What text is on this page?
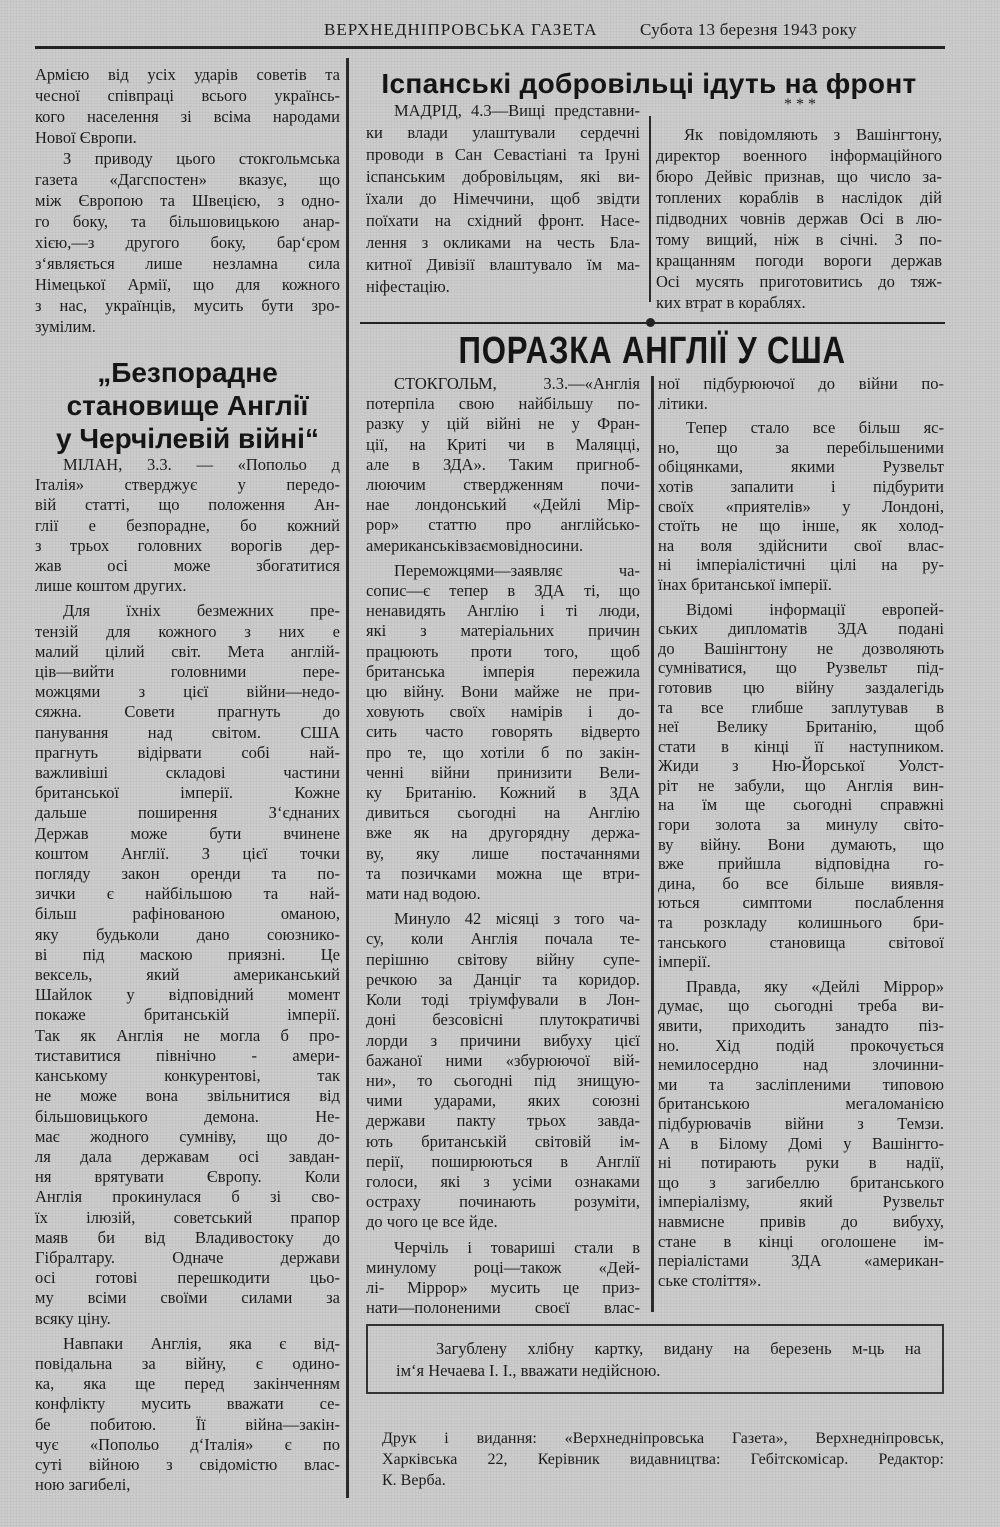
ВЕРХНЕДНІПРОВСЬКА ГАЗЕТА Субота 13 березня 1943 року
Армією від усіх ударів советів та
чесної співпраці всього українсь-
кого населення зі всіма народами
Нової Європи.
З приводу цього стокгольмська
газета «Дагспостен» вказує, що
між Європою та Швецією, з одно-
го боку, та більшовицькою анар-
хією,—з другого боку, бар‘єром
з‘являється лише незламна сила
Німецької Армії, що для кожного
з нас, українців, мусить бути зро-
зумілим.
„Безпорадне
становище Англії
у Черчілевій війні“
МІЛАН, 3.3. — «Попольо д
Італія» стверджує у передо-
вій статті, що положення Ан-
глії е безпорадне, бо кожний
з трьох головних ворогів дер-
жав осі може збогатитися
лише коштом других.
Для їхніх безмежних пре-
тензій для кожного з них е
малий цілий світ. Мета англій-
ців—вийти головними пере-
можцями з цієї війни—недо-
сяжна. Совети прагнуть до
панування над світом. США
прагнуть відірвати собі най-
важливіші складові частини
британської імперії. Кожне
дальше поширення З‘єднаних
Держав може бути вчинене
коштом Англії. З цієї точки
погляду закон оренди та по-
зички є найбільшою та най-
більш рафінованою оманою,
яку будьколи дано союзнико-
ві під маскою приязні. Це
вексель, який американський
Шайлок у відповідний момент
покаже британській імперії.
Так як Англія не могла б про-
тиставитися північно - амери-
канському конкурентові, так
не може вона звільнитися від
більшовицького демона. Не-
має жодного сумніву, що до-
ля дала державам осі завдан-
ня врятувати Європу. Коли
Англія прокинулася б зі сво-
їх ілюзій, советський прапор
маяв би від Владивостоку до
Гібралтару. Одначе держави
осі готові перешкодити цьо-
му всіми своїми силами за
всяку ціну.
Навпаки Англія, яка є від-
повідальна за війну, є одино-
ка, яка ще перед закінченням
конфлікту мусить вважати се-
бе побитою. Її війна—закін-
чує «Попольо д‘Італія» є по
суті війною з свідомістю влас-
ною загибелі,
Іспанські добровільці ідуть на фронт
МАДРІД, 4.3—Вищі представни-
ки влади улаштували сердечні
проводи в Сан Севастіані та Іруні
іспанським добровільцям, які ви-
їхали до Німеччини, щоб звідти
поїхати на східний фронт. Насе-
лення з окликами на честь Бла-
китної Дивізії влаштувало їм ма-
ніфестацію.
* * *
Як повідомляють з Вашінгтону,
директор военного інформаційного
бюро Дейвіс признав, що число за-
топлених кораблів в наслідок дій
підводних човнів держав Осі в лю-
тому вищий, ніж в січні. З по-
кращанням погоди вороги держав
Осі мусять приготовитись до тяж-
ких втрат в кораблях.
ПОРАЗКА АНГЛІЇ У США
СТОКГОЛЬМ, 3.3.—«Англія
потерпіла свою найбільшу по-
разку у цій війні не у Фран-
ції, на Криті чи в Маляцці,
але в ЗДА». Таким пригноб-
люючим ствердженням почи-
нае лондонський «Дейлі Мір-
рор» статтю про англійсько-
американськівзаємовідносини.
Переможцями—заявляє ча-
сопис—є тепер в ЗДА ті, що
ненавидять Англію і ті люди,
які з матеріальних причин
працюють проти того, щоб
британська імперія пережила
цю війну. Вони майже не при-
ховують своїх намірів і до-
сить часто говорять відверто
про те, що хотіли б по закін-
ченні війни принизити Вели-
ку Британію. Кожний в ЗДА
дивиться сьогодні на Англію
вже як на другорядну держа-
ву, яку лише постачаннями
та позичками можна ще втри-
мати над водою.
Минуло 42 місяці з того ча-
су, коли Англія почала те-
перішню світову війну супе-
речкою за Данціг та коридор.
Коли тоді тріумфували в Лон-
доні безсовісні плутократичві
лорди з причини вибуху цієї
бажаної ними «збурюючої вій-
ни», то сьогодні під знищую-
чими ударами, яких союзні
держави пакту трьох завда-
ють британській світовій ім-
перії, поширюються в Англії
голоси, які з усіми ознаками
остраху починають розуміти,
до чого це все йде.
Черчіль і товариші стали в
минулому році—також «Дей-
лі- Міррор» мусить це приз-
нати—полоненими своєї влас-
ної підбурюючої до війни по-
літики.
Тепер стало все більш яс-
но, що за перебільшеними
обіцянками, якими Рузвельт
хотів запалити і підбурити
своїх «приятелів» у Лондоні,
стоїть не що інше, як холод-
на воля здійснити свої влас-
ні імперіалістичні цілі на ру-
їнах британської імперії.
Відомі інформації европей-
ських дипломатів ЗДА подані
до Вашінгтону не дозволяють
сумніватися, що Рузвельт під-
готовив цю війну заздалегідь
та все глибше заплутував в
неї Велику Британію, щоб
стати в кінці її наступником.
Жиди з Ню-Йорської Уолст-
ріт не забули, що Англія вин-
на їм ще сьогодні справжні
гори золота за минулу світо-
ву війну. Вони думають, що
вже прийшла відповідна го-
дина, бо все більше виявля-
ються симптоми послаблення
та розкладу колишнього бри-
танського становища світової
імперії.
Правда, яку «Дейлі Міррор»
думає, що сьогодні треба ви-
явити, приходить занадто піз-
но. Хід подій прокочується
немилосердно над злочинни-
ми та засліпленими типовою
британською мегаломанією
підбурювачів війни з Темзи.
А в Білому Домі у Вашінгто-
ні потирають руки в надії,
що з загибеллю британського
імперіалізму, який Рузвельт
навмисне привів до вибуху,
стане в кінці оголошене ім-
періалістами ЗДА «американ-
ське століття».
Загублену хлібну картку, видану на березень м-ць на
ім‘я Нечаева І. І., вважати недійсною.
Друк і видання: «Верхнедніпровська Газета», Верхнедніпровськ,
Харківська 22, Керівник видавництва: Гебітскомісар. Редактор:
К. Верба.
